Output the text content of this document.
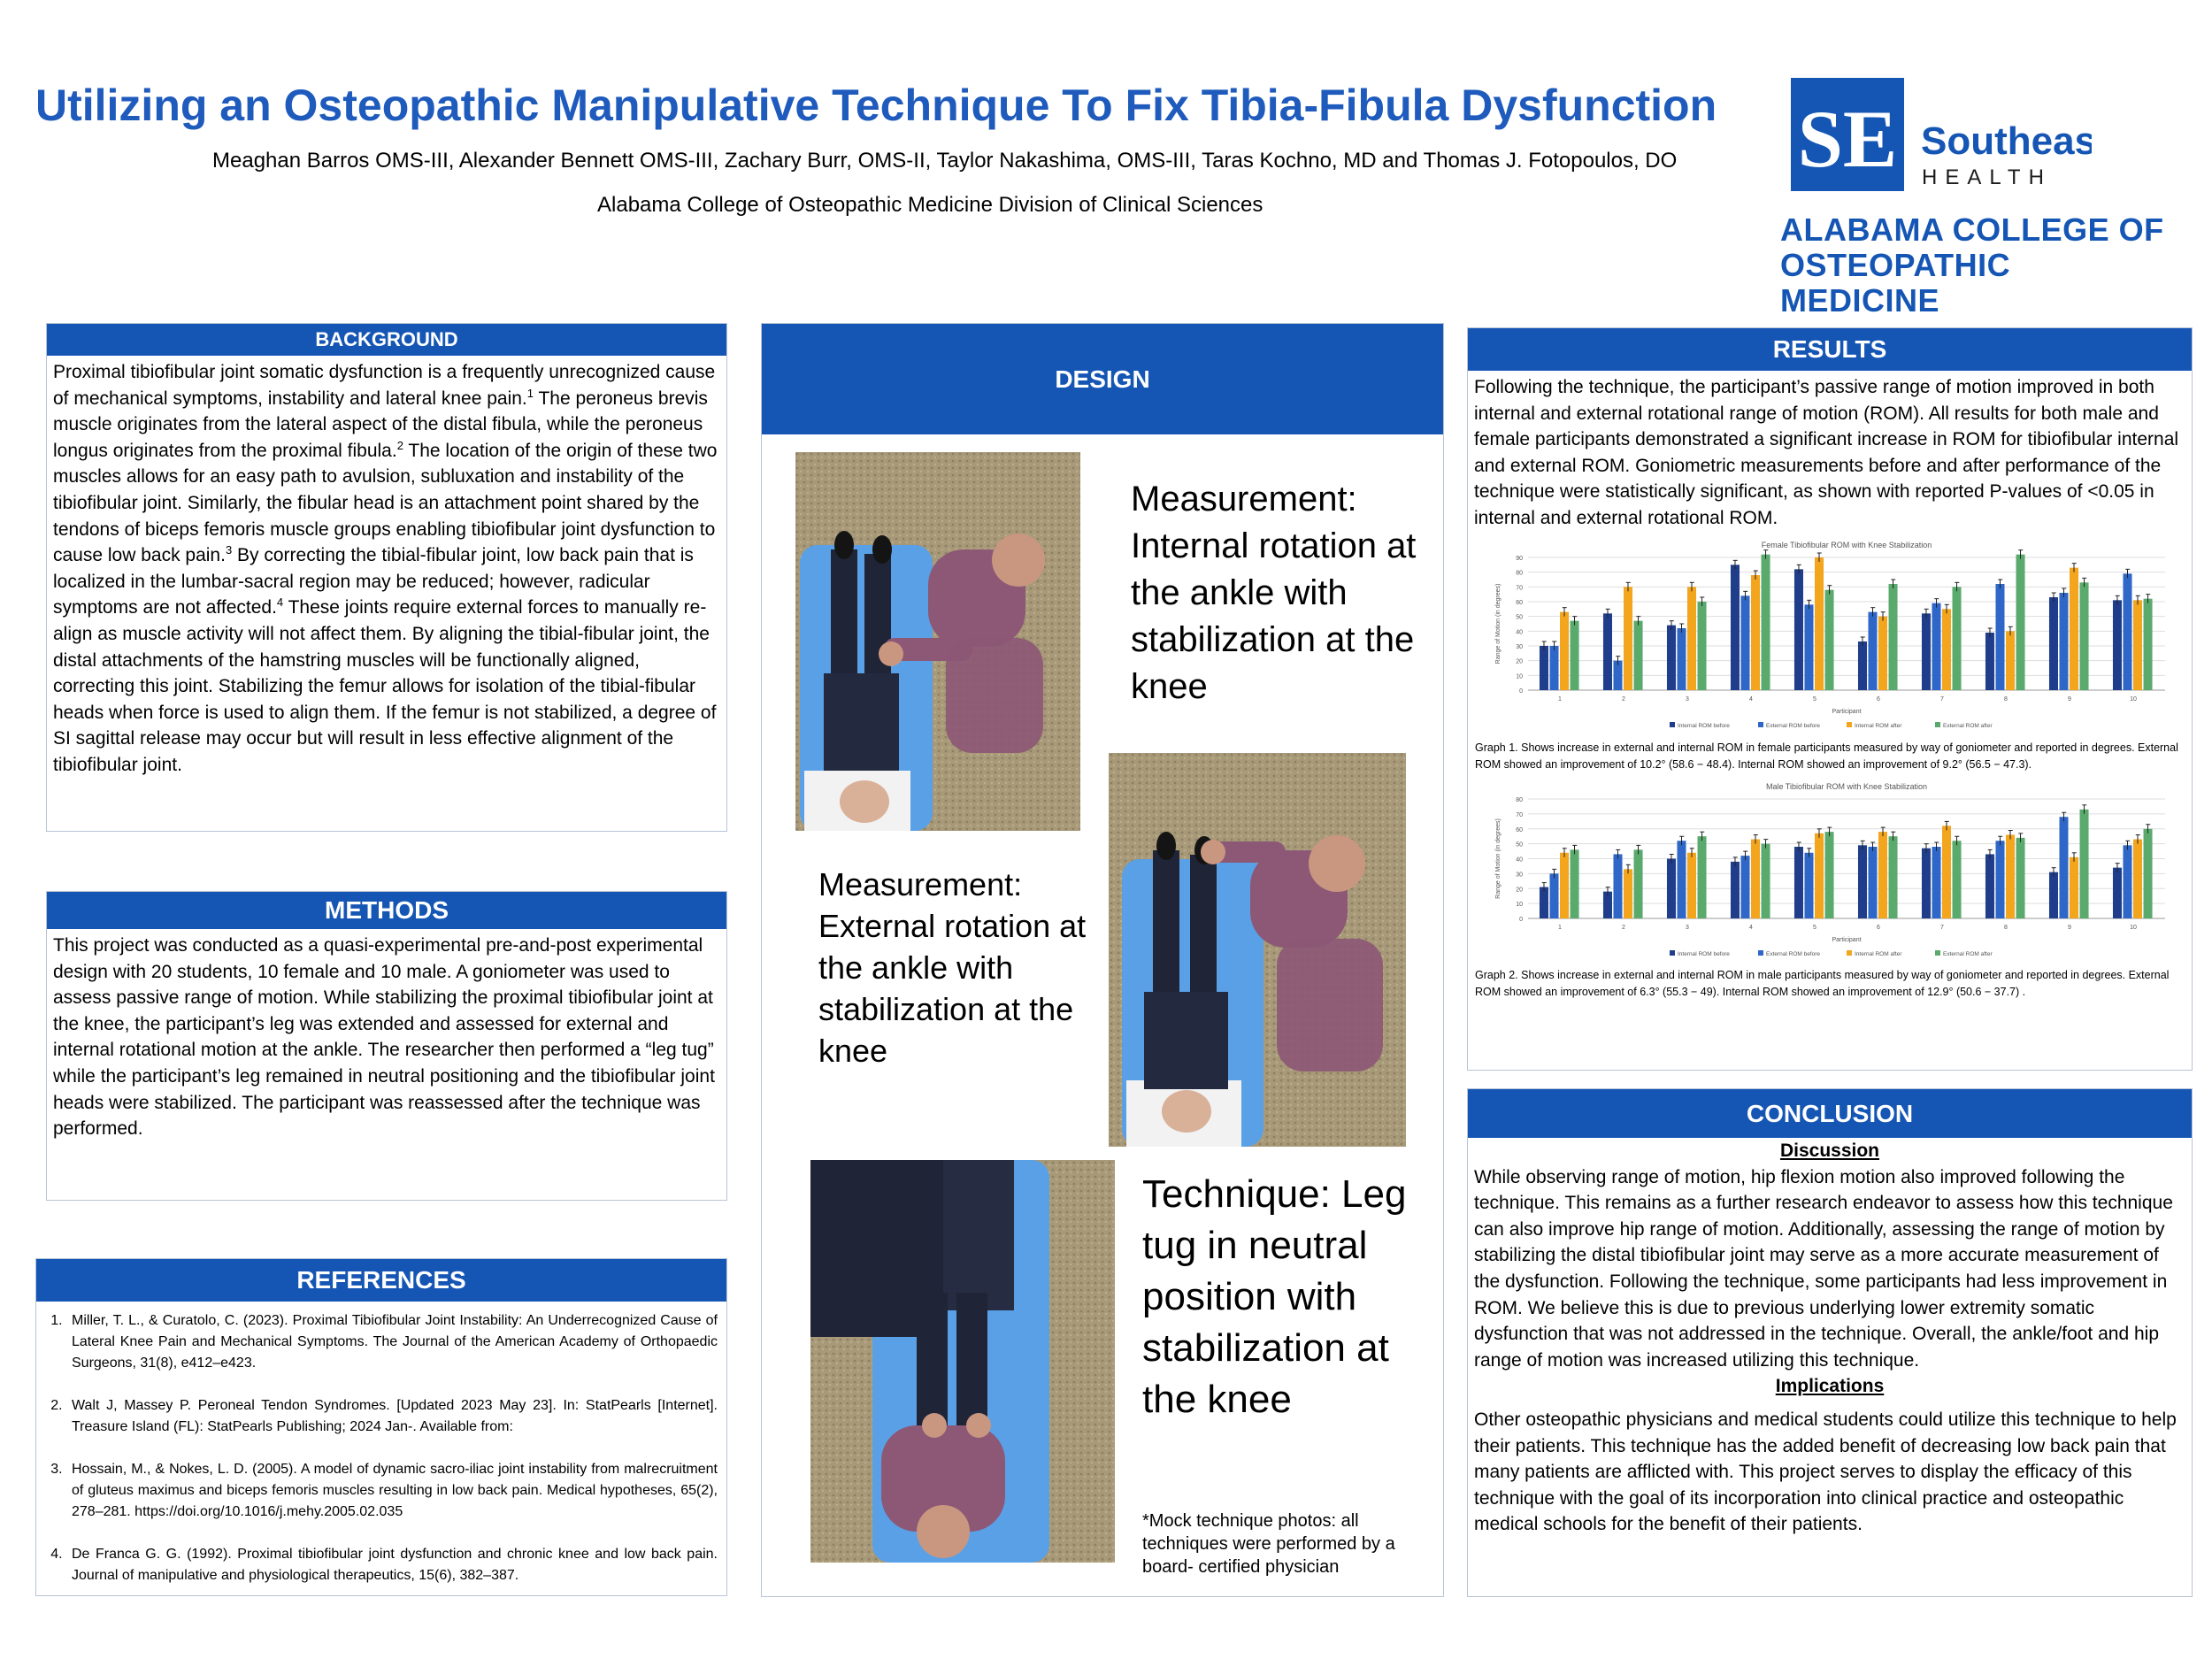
Utilizing an Osteopathic Manipulative Technique To Fix Tibia-Fibula Dysfunction
Meaghan Barros OMS-III, Alexander Bennett OMS-III, Zachary Burr, OMS-II, Taylor Nakashima, OMS-III, Taras Kochno, MD and Thomas J. Fotopoulos, DO
Alabama College of Osteopathic Medicine Division of Clinical Sciences
SE Southeast
HEALTH
ALABAMA COLLEGE OF
OSTEOPATHIC MEDICINE
BACKGROUND
Proximal tibiofibular joint somatic dysfunction is a frequently unrecognized cause of mechanical symptoms, instability and lateral knee pain.$^1$ The peroneus brevis muscle originates from the lateral aspect of the distal fibula, while the peroneus longus originates from the proximal fibula.$^2$ The location of the origin of these two muscles allows for an easy path to avulsion, subluxation and instability of the tibiofibular joint. Similarly, the fibular head is an attachment point shared by the tendons of biceps femoris muscle groups enabling tibiofibular joint dysfunction to cause low back pain.$^3$ By correcting the tibial-fibular joint, low back pain that is localized in the lumbar-sacral region may be reduced; however, radicular symptoms are not affected.$^4$ These joints require external forces to manually re-align as muscle activity will not affect them. By aligning the tibial-fibular joint, the distal attachments of the hamstring muscles will be functionally aligned, correcting this joint. Stabilizing the femur allows for isolation of the tibial-fibular heads when force is used to align them. If the femur is not stabilized, a degree of SI sagittal release may occur but will result in less effective alignment of the tibiofibular joint.
METHODS
This project was conducted as a quasi-experimental pre-and-post experimental design with 20 students, 10 female and 10 male. A goniometer was used to assess passive range of motion. While stabilizing the proximal tibiofibular joint at the knee, the participant’s leg was extended and assessed for external and internal rotational motion at the ankle. The researcher then performed a “leg tug” while the participant’s leg remained in neutral positioning and the tibiofibular joint heads were stabilized. The participant was reassessed after the technique was performed.
REFERENCES
1. Miller, T. L., & Curatolo, C. (2023). Proximal Tibiofibular Joint Instability: An Underrecognized Cause of Lateral Knee Pain and Mechanical Symptoms. The Journal of the American Academy of Orthopaedic Surgeons, 31(8), e412–e423.
2. Walt J, Massey P. Peroneal Tendon Syndromes. [Updated 2023 May 23]. In: StatPearls [Internet]. Treasure Island (FL): StatPearls Publishing; 2024 Jan-. Available from:
3. Hossain, M., & Nokes, L. D. (2005). A model of dynamic sacro-iliac joint instability from malrecruitment of gluteus maximus and biceps femoris muscles resulting in low back pain. Medical hypotheses, 65(2), 278–281. https://doi.org/10.1016/j.mehy.2005.02.035
4. De Franca G. G. (1992). Proximal tibiofibular joint dysfunction and chronic knee and low back pain. Journal of manipulative and physiological therapeutics, 15(6), 382–387.
DESIGN
Measurement: Internal rotation at the ankle with stabilization at the knee
Measurement: External rotation at the ankle with stabilization at the knee
Technique: Leg tug in neutral position with stabilization at the knee
*Mock technique photos: all techniques were performed by a board- certified physician
RESULTS
Following the technique, the participant’s passive range of motion improved in both internal and external rotational range of motion (ROM). All results for both male and female participants demonstrated a significant increase in ROM for tibiofibular internal and external ROM. Goniometric measurements before and after performance of the technique were statistically significant, as shown with reported P-values of <0.05 in internal and external rotational ROM.
Female Tibiofibular ROM with Knee Stabilization
0
10
20
30
40
50
60
70
80
90
Range of Motion (in degrees)
1	2	3	4	5	6	7	8	9	10
Participant
Internal ROM before	External ROM before	Internal ROM after	External ROM after
Graph 1. Shows increase in external and internal ROM in female participants measured by way of goniometer and reported in degrees. External ROM showed an improvement of 10.2° (58.6 − 48.4). Internal ROM showed an improvement of 9.2° (56.5 − 47.3).
Male Tibiofibular ROM with Knee Stabilization
0
10
20
30
40
50
60
70
80
Range of Motion (in degrees)
1	2	3	4	5	6	7	8	9	10
Participant
Internal ROM before	External ROM before	Internal ROM after	External ROM after
Graph 2. Shows increase in external and internal ROM in male participants measured by way of goniometer and reported in degrees. External ROM showed an improvement of 6.3° (55.3 − 49). Internal ROM showed an improvement of 12.9° (50.6 − 37.7) .
CONCLUSION
Discussion
While observing range of motion, hip flexion motion also improved following the technique. This remains as a further research endeavor to assess how this technique can also improve hip range of motion. Additionally, assessing the range of motion by stabilizing the distal tibiofibular joint may serve as a more accurate measurement of the dysfunction. Following the technique, some participants had less improvement in ROM. We believe this is due to previous underlying lower extremity somatic dysfunction that was not addressed in the technique. Overall, the ankle/foot and hip range of motion was increased utilizing this technique.
Implications
Other osteopathic physicians and medical students could utilize this technique to help their patients. This technique has the added benefit of decreasing low back pain that many patients are afflicted with. This project serves to display the efficacy of this technique with the goal of its incorporation into clinical practice and osteopathic medical schools for the benefit of their patients.
